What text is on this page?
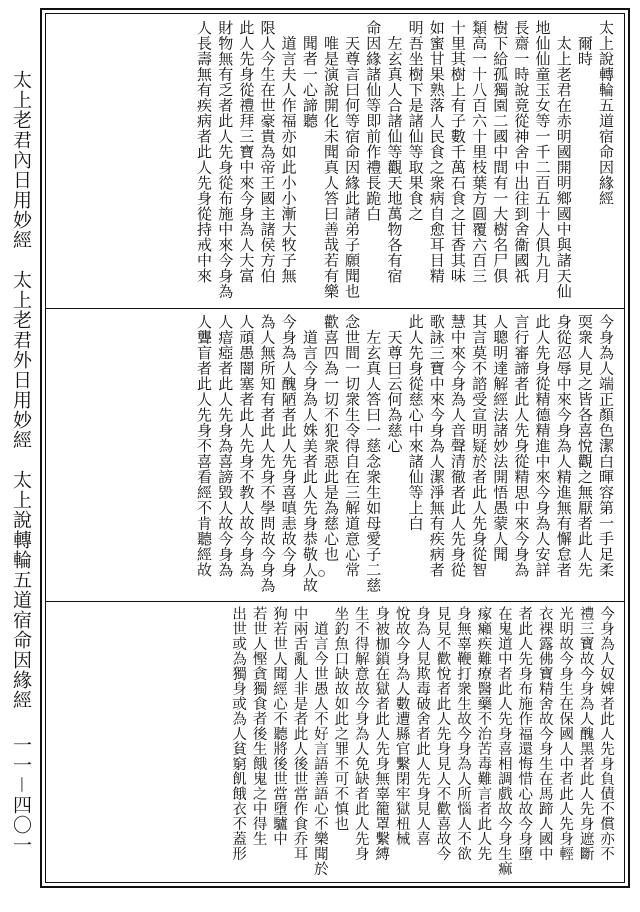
太上老君內日用妙經　太上老君外日用妙經　太上說轉輪五道宿命因緣經
一一－四〇一
太上說轉輪五道宿命因緣經
　爾時
　太上老君在赤明國開明鄉國中與諸天仙
地仙仙童玉女等一千二百五十人俱九月
長齋一時說竟從神舍中出往到舍衞國祇
樹下給孤獨園二國中間有一大樹名尸俱
類高一十八百六十里枝葉方圓覆六百三
十里其樹上有子數千萬石食之甘香其味
如蜜甘果熟落人民食之衆病自愈耳目精
明吾坐樹下是諸仙等取果食之
　左玄真人合諸仙等觀天地萬物各有宿
命因緣諸仙等即前作禮長跪白
　天尊言曰何等宿命因緣此諸弟子願聞也
　唯是演說開化未聞真人答曰善哉若有樂
　聞者一心諦聽
　道言夫人作福亦如此小小漸大牧子無
限人今生在世豪貴為帝王國主諸侯方伯
此人先身從禮拜三寶中來今身為人大富
財物無有乏者此人先身從布施中來今身為
人長壽無有疾病者此人先身從持戒中來
今身為人端正顏色潔白暉容第一手足柔
耎衆人見之皆各喜悅觀之無厭者此人先
身從忍辱中來今身為人精進無有懈怠者
此人先身從精德精進中來今身為人安詳
言行審諦者此人先身從精思中來今身為
人聰明達解經法諸妙法開悟愚蒙人聞
其言莫不諮受宣明疑於者此人先身從智
慧中來今身為人音聲清徹者此人先身從
歌詠三寶中來今身為人潔淨無有疾病者
此人先身從慈心中來諸仙等上白
　天尊曰云何為慈心
　左玄真人答曰一慈念衆生如母愛子二慈
念世間一切衆生令得自在三解道意心常
歡喜四為一切不犯衆惡此是為慈心也
　道言今身為人姝美者此人先身恭敬人故
今身為人醜陋者此人先身喜嗔恚故今身
為人無所知有者此人先身不學問故今身為
人頑愚闇塞者此人先身不教人故今身為
人瘖瘂者此人先身為喜謗毀人故今身為
人聾盲者此人先身不喜看經不肯聽經故
今身為人奴婢者此人先身負債不償亦不
禮三寶故今身為人醜黑者此人先身遮斷
光明故今身生在保國人中者此人先身輕
衣裸露佛寶精舍故今身生在馬蹄人國中
者此人先身布施作福還悔惜心故今身墮
在鬼道中者此人先身喜相調戲故今身生痲
瘃癩疾難療醫藥不治苦毒難言者此人先
身無辜鞭打衆生故今身為人所惱人不欲
見見不歡悅者此人先身見人不歡喜故今
身為人見欺毒破舍者此人先身見人喜
悅故今身為人數遭縣官繫閉牢獄杻械
身被枷鎖在獄者此人先身無辜籠罩繫縛
生不得解意故今身為人免缺者此人先身
坐釣魚口缺故如此之罪不可不慎也
　道言今世愚人不好言語善語心不樂聞於
中兩舌亂人非是者此人後世當作食乔耳
狗若世人聞經心不聽將後世當墮驢中
若世人慳貪獨食者後生餓鬼之中得生
出世或為獨身或為人貧窮飢餓衣不蓋形
